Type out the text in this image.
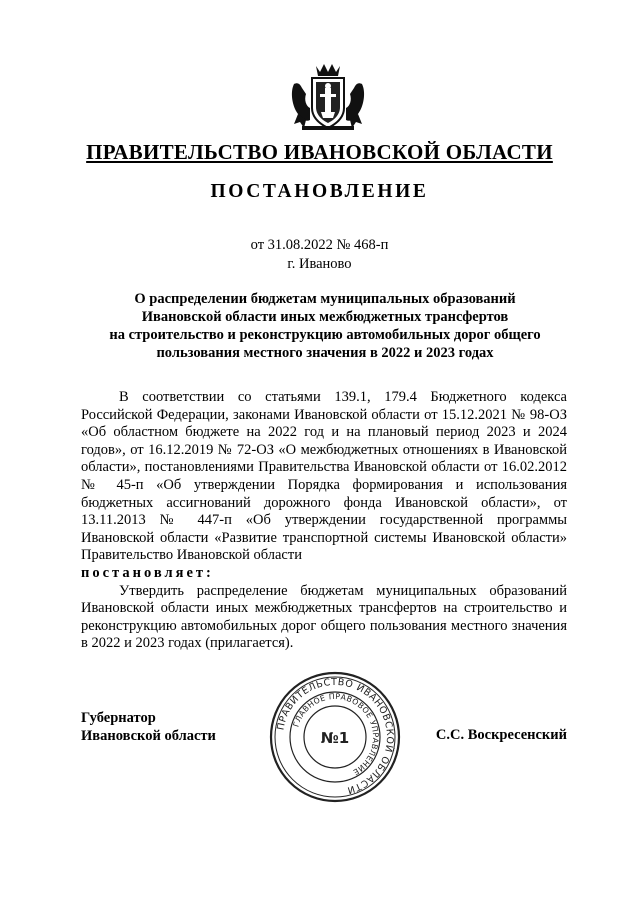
ПРАВИТЕЛЬСТВО ИВАНОВСКОЙ ОБЛАСТИ
ПОСТАНОВЛЕНИЕ
от 31.08.2022 № 468-п
г. Иваново
О распределении бюджетам муниципальных образований
Ивановской области иных межбюджетных трансфертов
на строительство и реконструкцию автомобильных дорог общего
пользования местного значения в 2022 и 2023 годах

В соответствии со статьями 139.1, 179.4 Бюджетного кодекса Российской Федерации, законами Ивановской области от 15.12.2021 № 98-ОЗ «Об областном бюджете на 2022 год и на плановый период 2023 и 2024 годов», от 16.12.2019 № 72-ОЗ «О межбюджетных отношениях в Ивановской области», постановлениями Правительства Ивановской области от 16.02.2012 № 45-п «Об утверждении Порядка формирования и использования бюджетных ассигнований дорожного фонда Ивановской области», от 13.11.2013 № 447-п «Об утверждении государственной программы Ивановской области «Развитие транспортной системы Ивановской области» Правительство Ивановской области

постановляет:

Утвердить распределение бюджетам муниципальных образований Ивановской области иных межбюджетных трансфертов на строительство и реконструкцию автомобильных дорог общего пользования местного значения в 2022 и 2023 годах (прилагается).

Губернатор
Ивановской области	С.С. Воскресенский
ПРАВИТЕЛЬСТВО ИВАНОВСКОЙ ОБЛАСТИ
ГЛАВНОЕ ПРАВОВОЕ УПРАВЛЕНИЕ
№1
